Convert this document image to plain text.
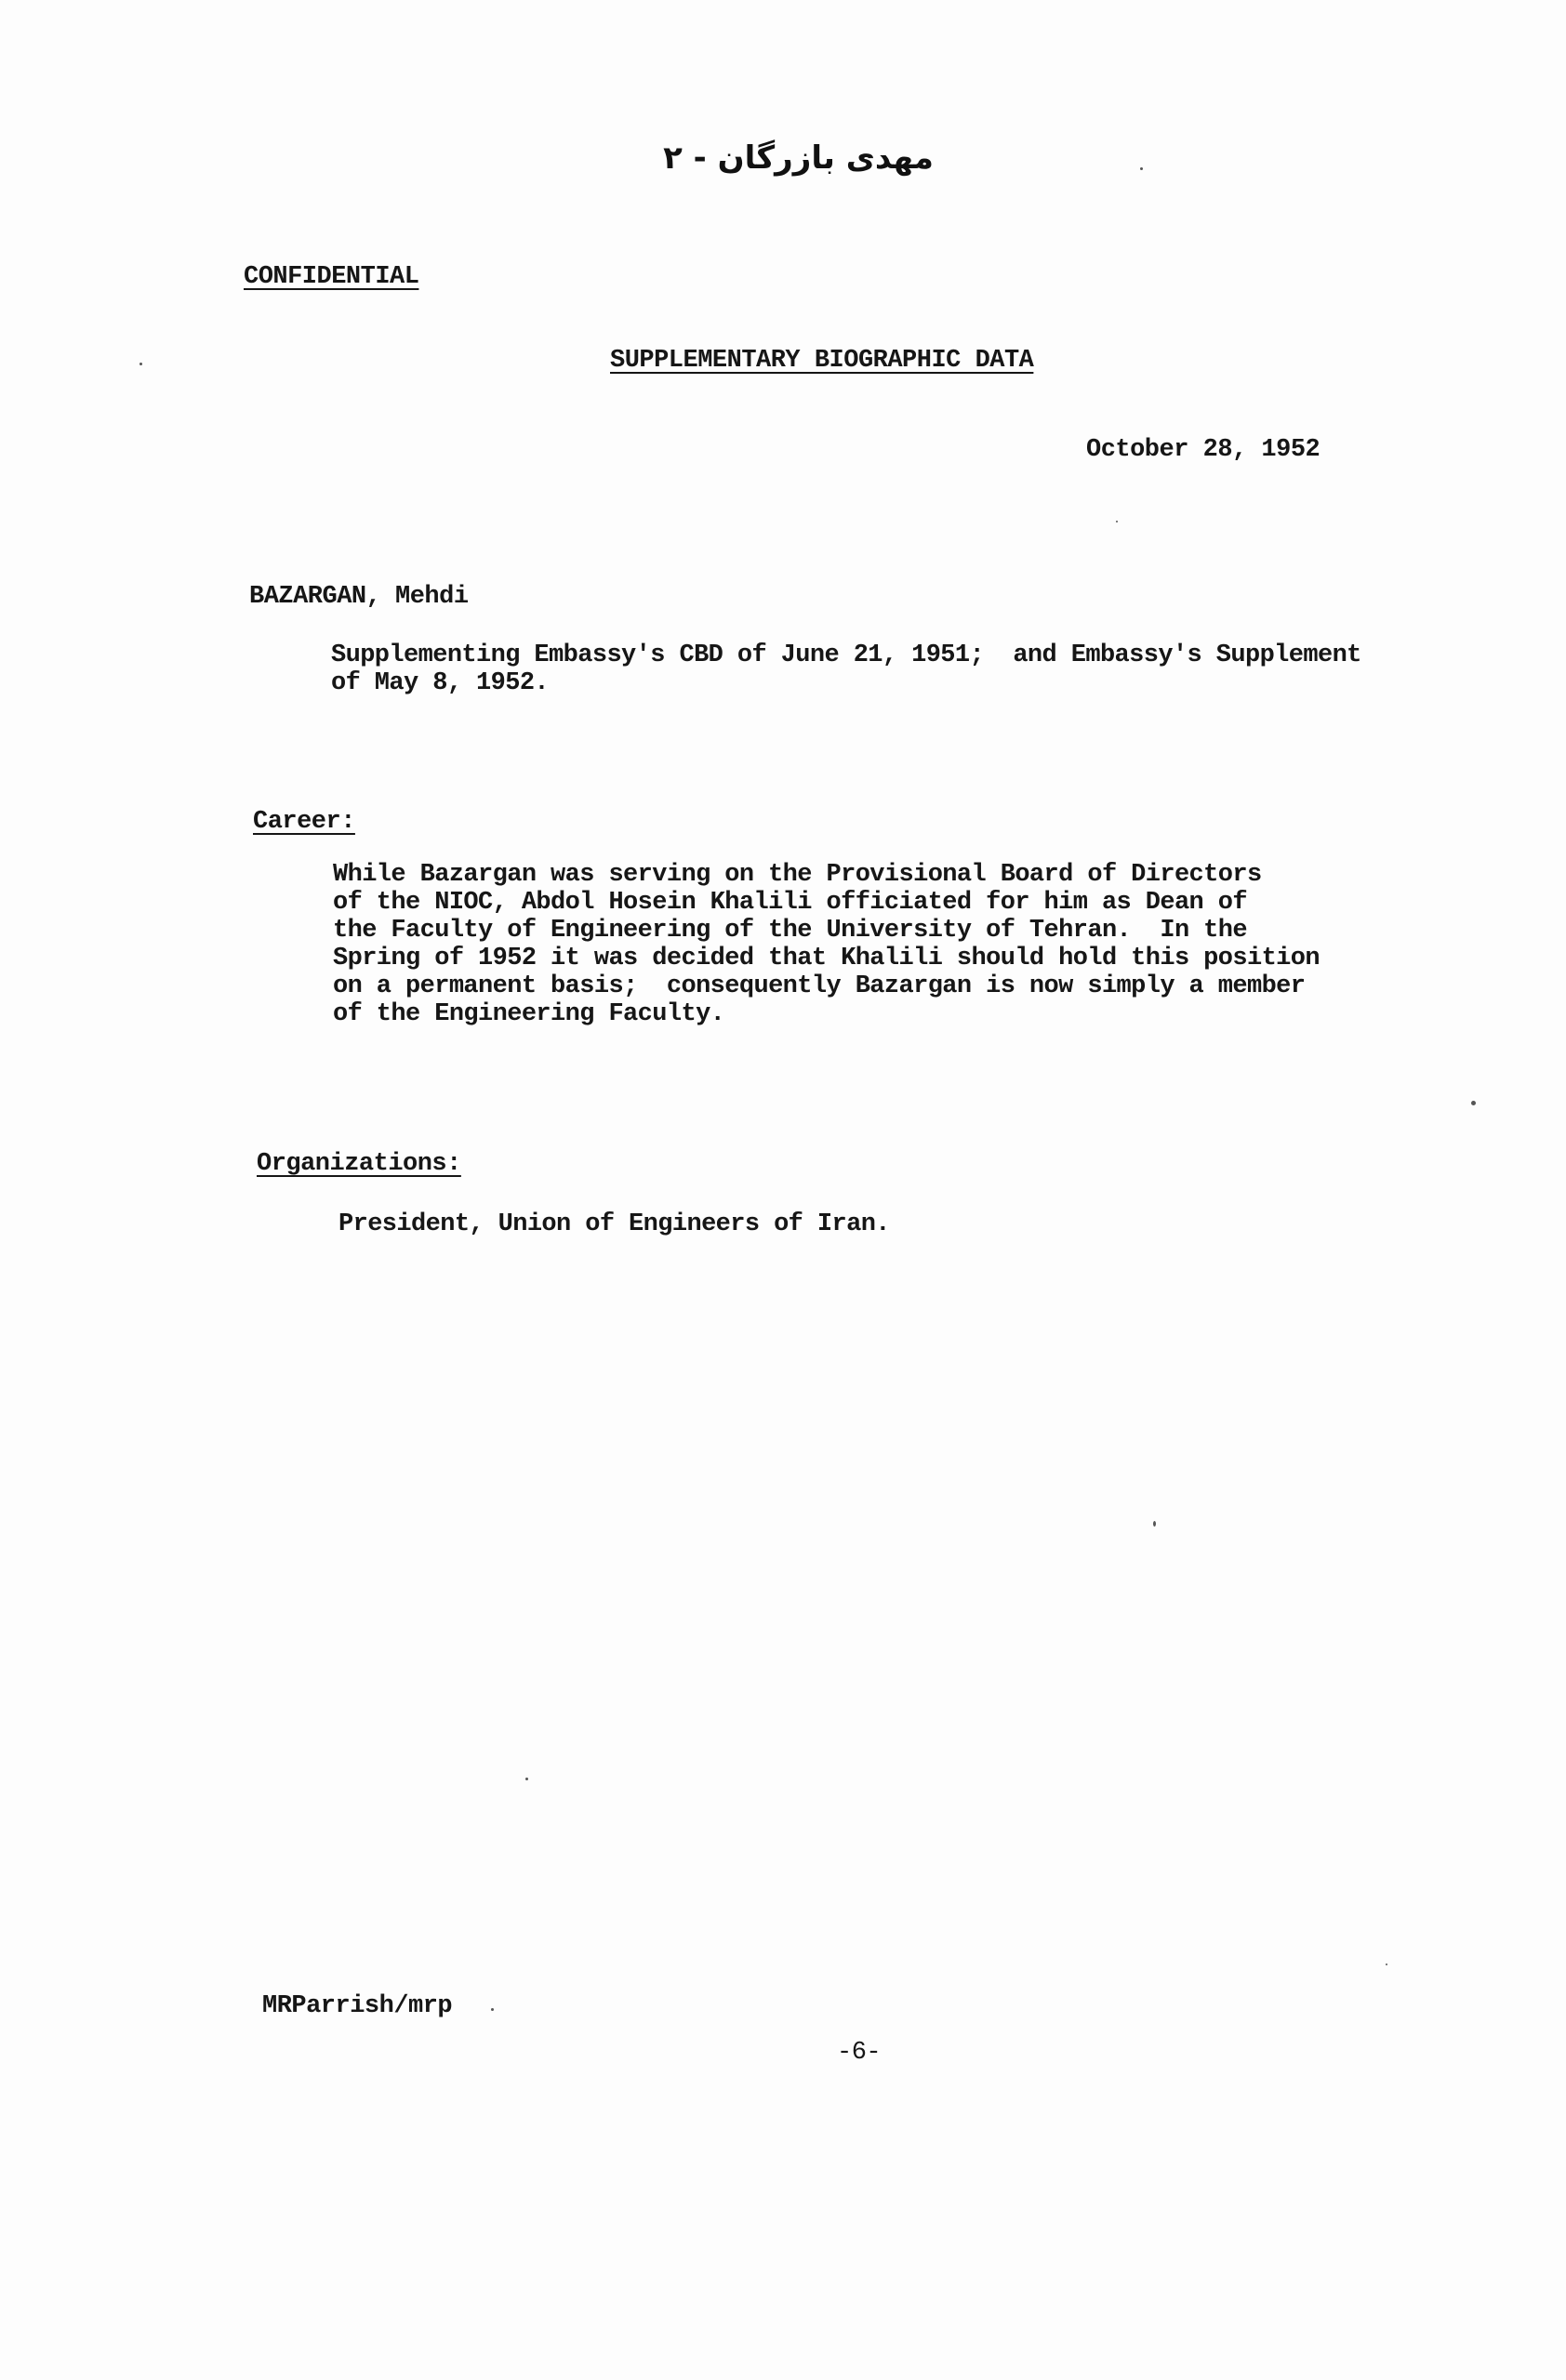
مهدی بازرگان - ۲
CONFIDENTIAL
SUPPLEMENTARY BIOGRAPHIC DATA
October 28, 1952
BAZARGAN, Mehdi
Supplementing Embassy's CBD of June 21, 1951;  and Embassy's Supplement
of May 8, 1952.
Career:
While Bazargan was serving on the Provisional Board of Directors
of the NIOC, Abdol Hosein Khalili officiated for him as Dean of
the Faculty of Engineering of the University of Tehran.  In the
Spring of 1952 it was decided that Khalili should hold this position
on a permanent basis;  consequently Bazargan is now simply a member
of the Engineering Faculty.
Organizations:
President, Union of Engineers of Iran.
MRParrish/mrp
-6-
